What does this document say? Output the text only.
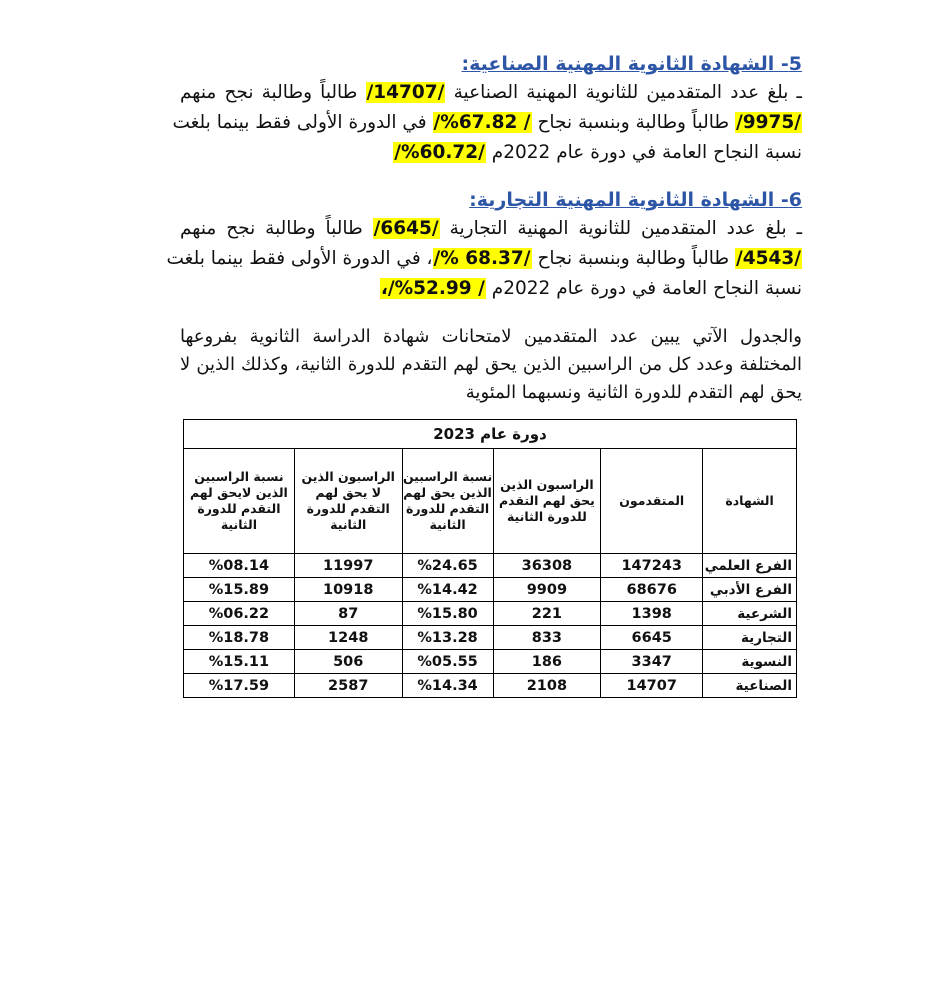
5- الشهادة الثانوية المهنية الصناعية:
ـ بلغ عدد المتقدمين للثانوية المهنية الصناعية /14707/ طالباً وطالبة نجح منهم
/9975/ طالباً وطالبة وبنسبة نجاح / 67.82%/ في الدورة الأولى فقط بينما بلغت
نسبة النجاح العامة في دورة عام 2022م /60.72%/
6- الشهادة الثانوية المهنية التجارية:
ـ بلغ عدد المتقدمين للثانوية المهنية التجارية /6645/ طالباً وطالبة نجح منهم
/4543/ طالباً وطالبة وبنسبة نجاح /68.37 %/، في الدورة الأولى فقط بينما بلغت
نسبة النجاح العامة في دورة عام 2022م / 52.99%/،
والجدول الآتي يبين عدد المتقدمين لامتحانات شهادة الدراسة الثانوية بفروعها
المختلفة وعدد كل من الراسبين الذين يحق لهم التقدم للدورة الثانية، وكذلك الذين لا
يحق لهم التقدم للدورة الثانية ونسبهما المئوية
دورة عام 2023					
الشهادة	المتقدمون	الراسبون الذين يحق لهم التقدم للدورة الثانية	نسبة الراسبين الذين يحق لهم التقدم للدورة الثانية	الراسبون الذين لا يحق لهم التقدم للدورة الثانية	نسبة الراسبين الذين لايحق لهم التقدم للدورة الثانية
الفرع العلمي	147243	36308	%24.65	11997	%08.14
الفرع الأدبي	68676	9909	%14.42	10918	%15.89
الشرعية	1398	221	%15.80	87	%06.22
التجارية	6645	833	%13.28	1248	%18.78
النسوية	3347	186	%05.55	506	%15.11
الصناعية	14707	2108	%14.34	2587	%17.59
